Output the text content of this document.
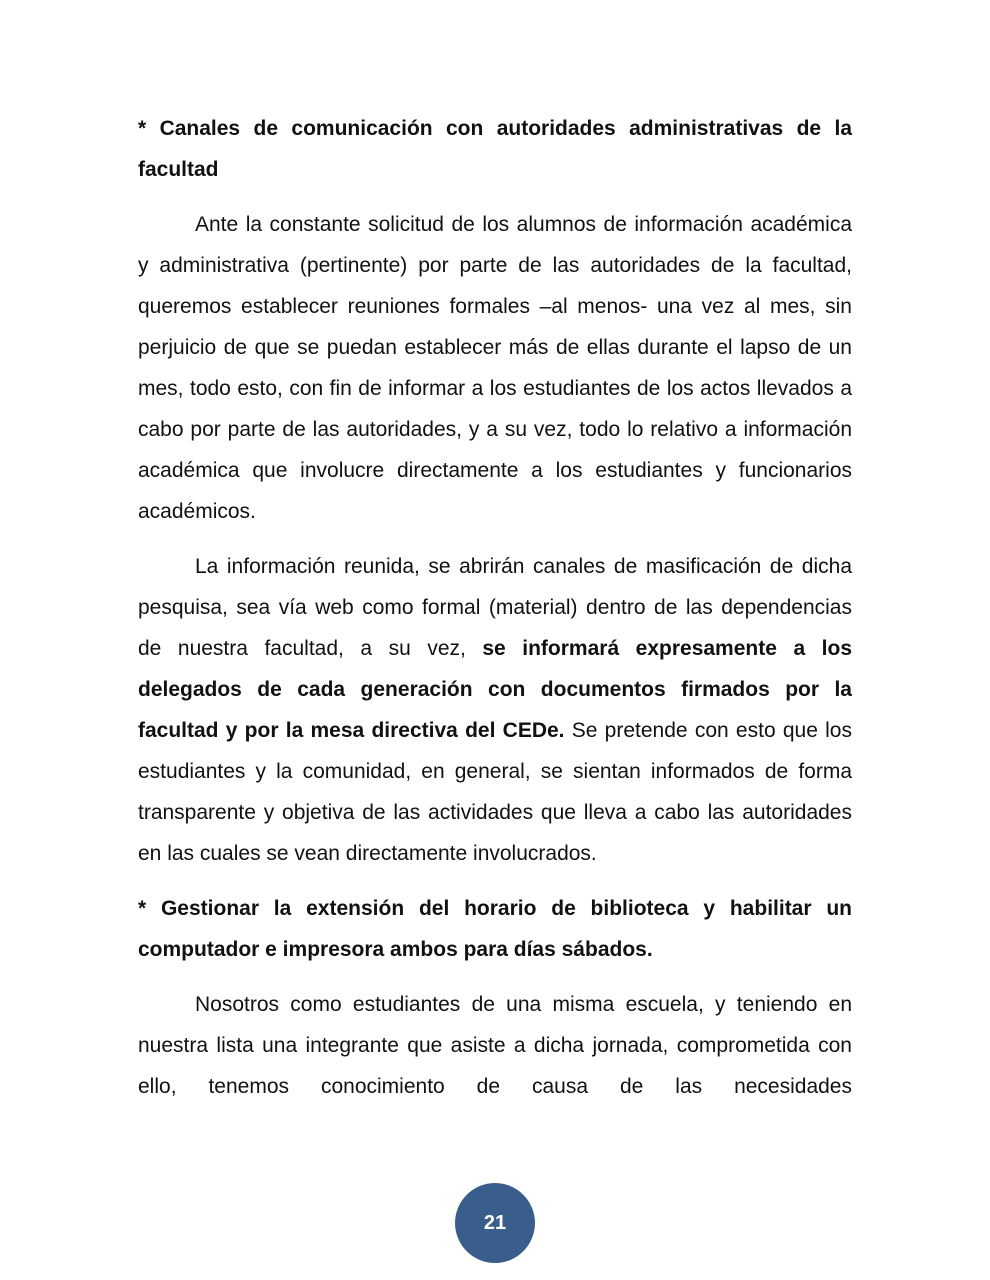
* Canales de comunicación con autoridades administrativas de la facultad

Ante la constante solicitud de los alumnos de información académica y administrativa (pertinente) por parte de las autoridades de la facultad, queremos establecer reuniones formales –al menos- una vez al mes, sin perjuicio de que se puedan establecer más de ellas durante el lapso de un mes, todo esto, con fin de informar a los estudiantes de los actos llevados a cabo por parte de las autoridades, y a su vez, todo lo relativo a información académica que involucre directamente a los estudiantes y funcionarios académicos.

La información reunida, se abrirán canales de masificación de dicha pesquisa, sea vía web como formal (material) dentro de las dependencias de nuestra facultad, a su vez, se informará expresamente a los delegados de cada generación con documentos firmados por la facultad y por la mesa directiva del CEDe. Se pretende con esto que los estudiantes y la comunidad, en general, se sientan informados de forma transparente y objetiva de las actividades que lleva a cabo las autoridades en las cuales se vean directamente involucrados.

* Gestionar la extensión del horario de biblioteca y habilitar un computador e impresora ambos para días sábados.

Nosotros como estudiantes de una misma escuela, y teniendo en nuestra lista una integrante que asiste a dicha jornada, comprometida con ello, tenemos conocimiento de causa de las necesidades

21
